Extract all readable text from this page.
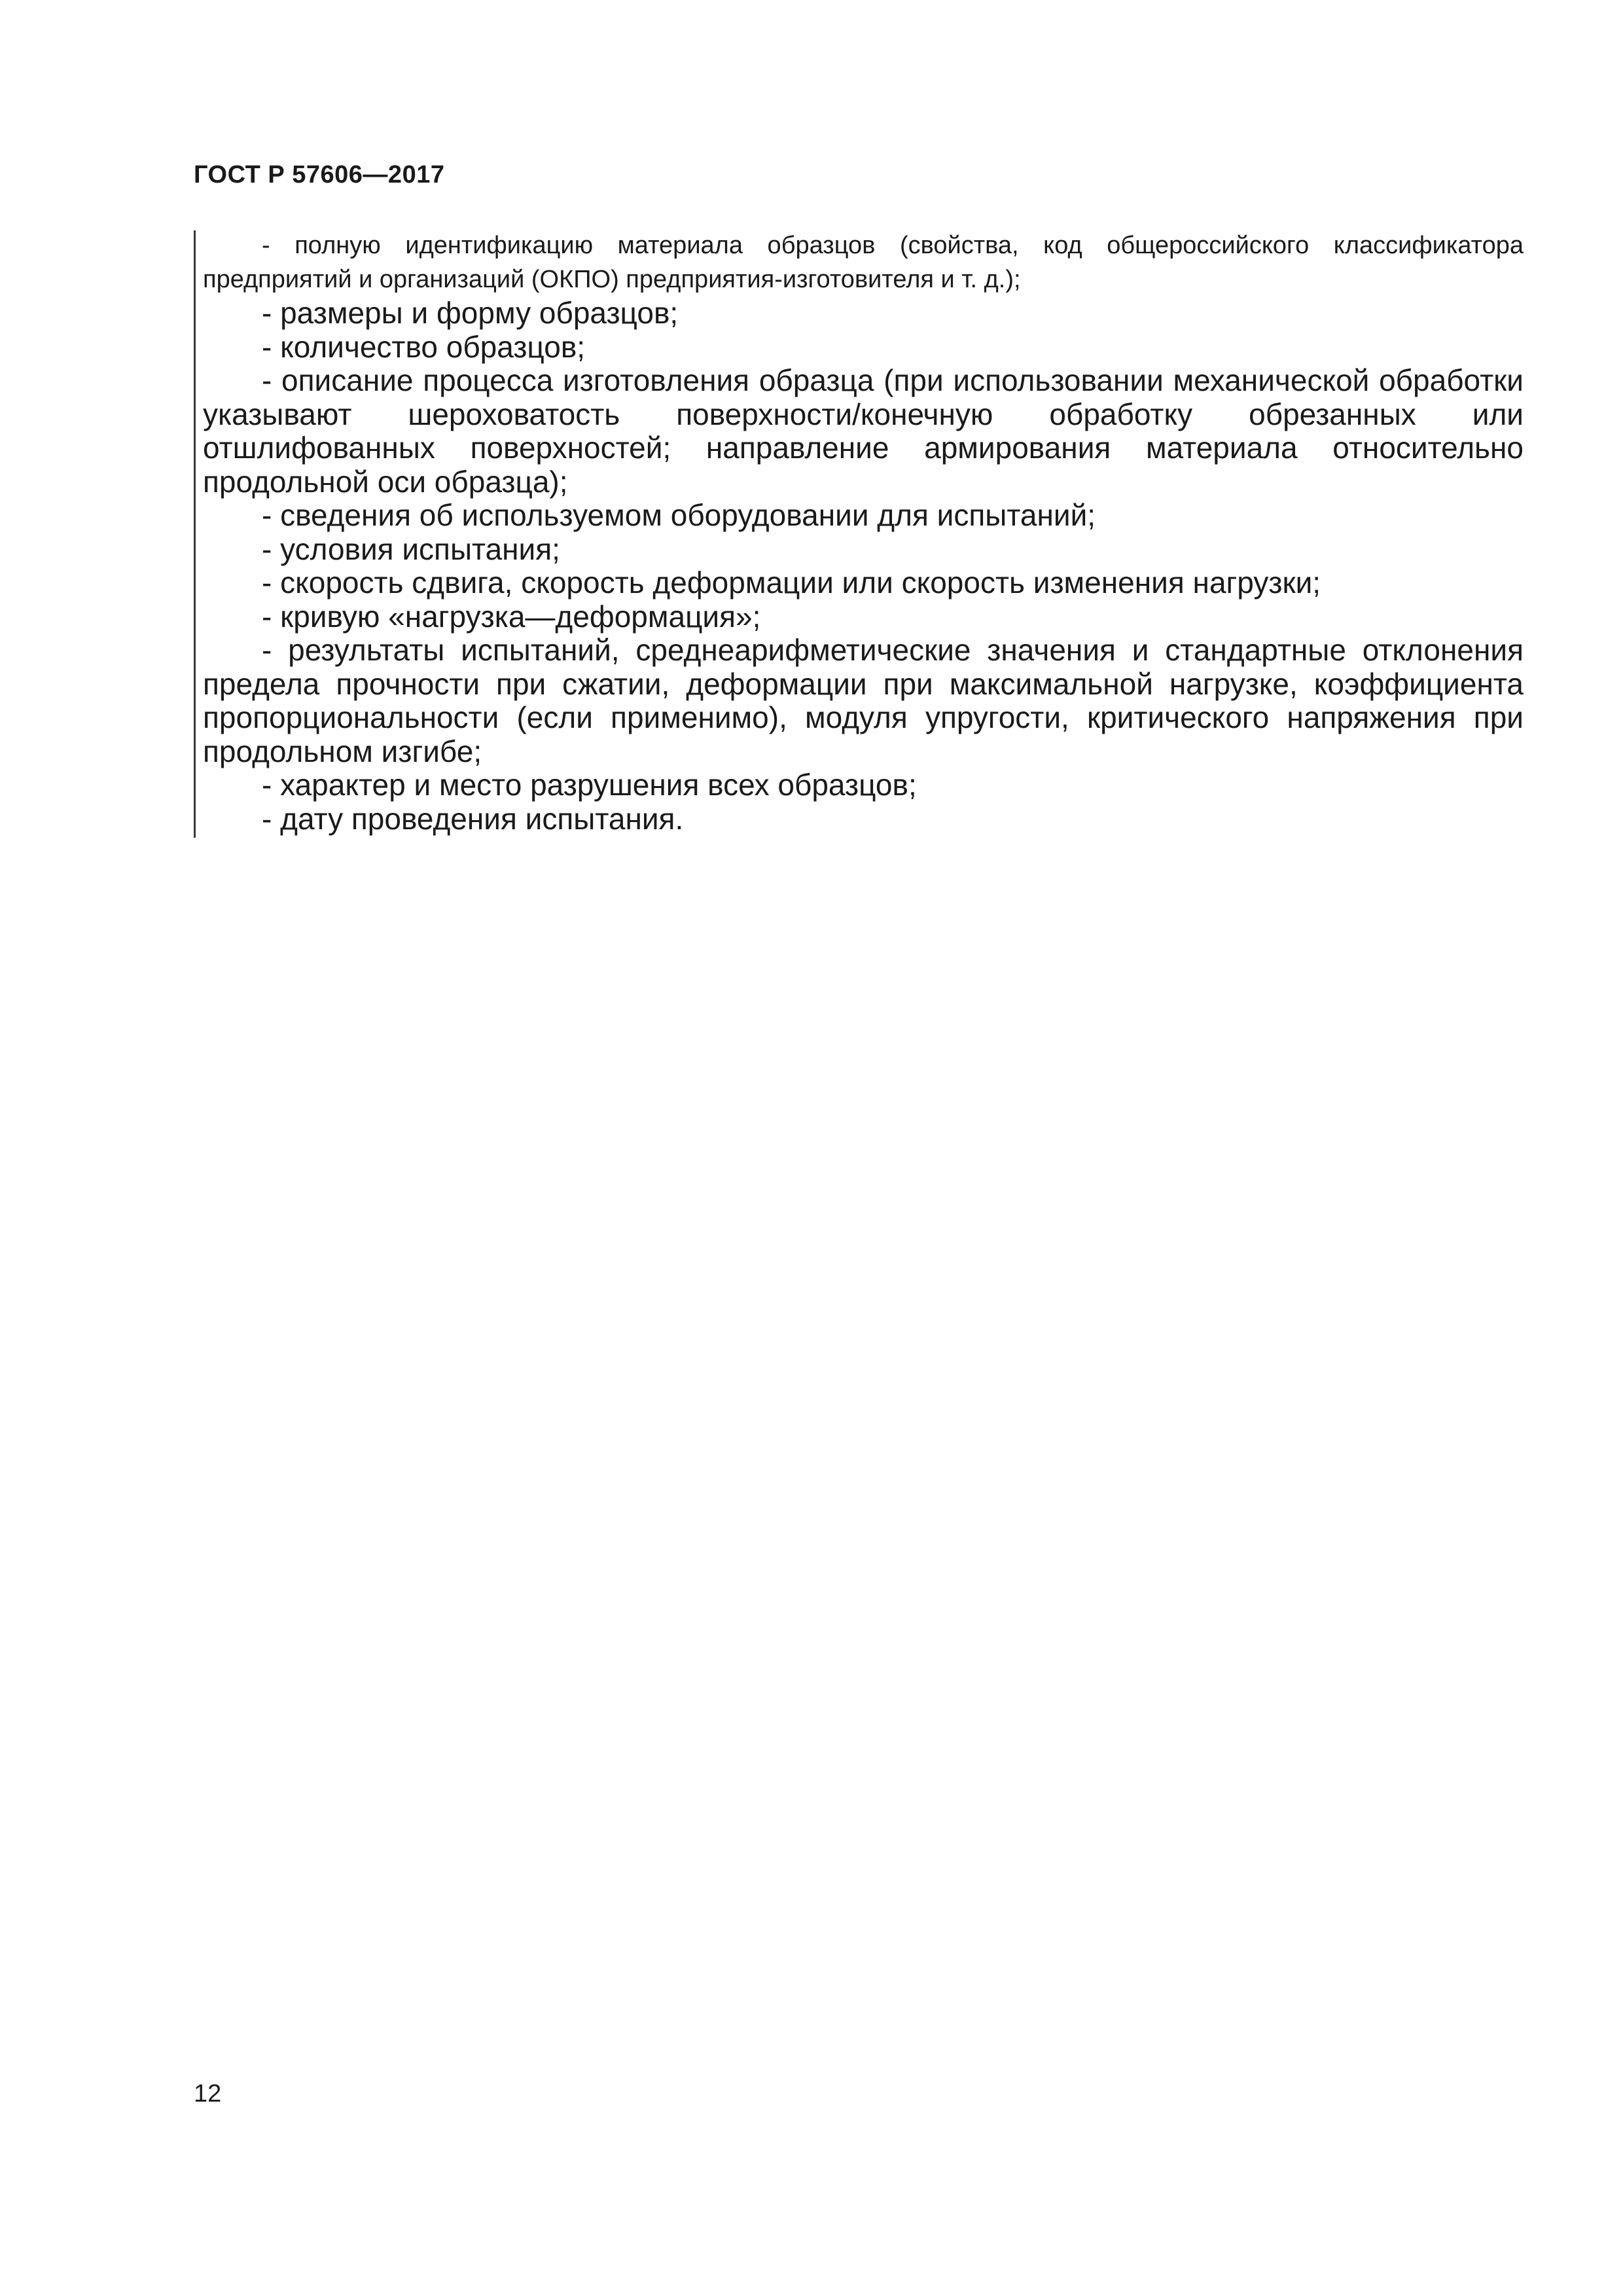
ГОСТ Р 57606—2017

- полную идентификацию материала образцов (свойства, код общероссийского классификатора предприятий и организаций (ОКПО) предприятия-изготовителя и т. д.);

- размеры и форму образцов;

- количество образцов;

- описание процесса изготовления образца (при использовании механической обработки указывают шероховатость поверхности/конечную обработку обрезанных или отшлифованных поверхностей; направление армирования материала относительно продольной оси образца);

- сведения об используемом оборудовании для испытаний;

- условия испытания;

- скорость сдвига, скорость деформации или скорость изменения нагрузки;

- кривую «нагрузка—деформация»;

- результаты испытаний, среднеарифметические значения и стандартные отклонения предела прочности при сжатии, деформации при максимальной нагрузке, коэффициента пропорциональности (если применимо), модуля упругости, критического напряжения при продольном изгибе;

- характер и место разрушения всех образцов;

- дату проведения испытания.

12
